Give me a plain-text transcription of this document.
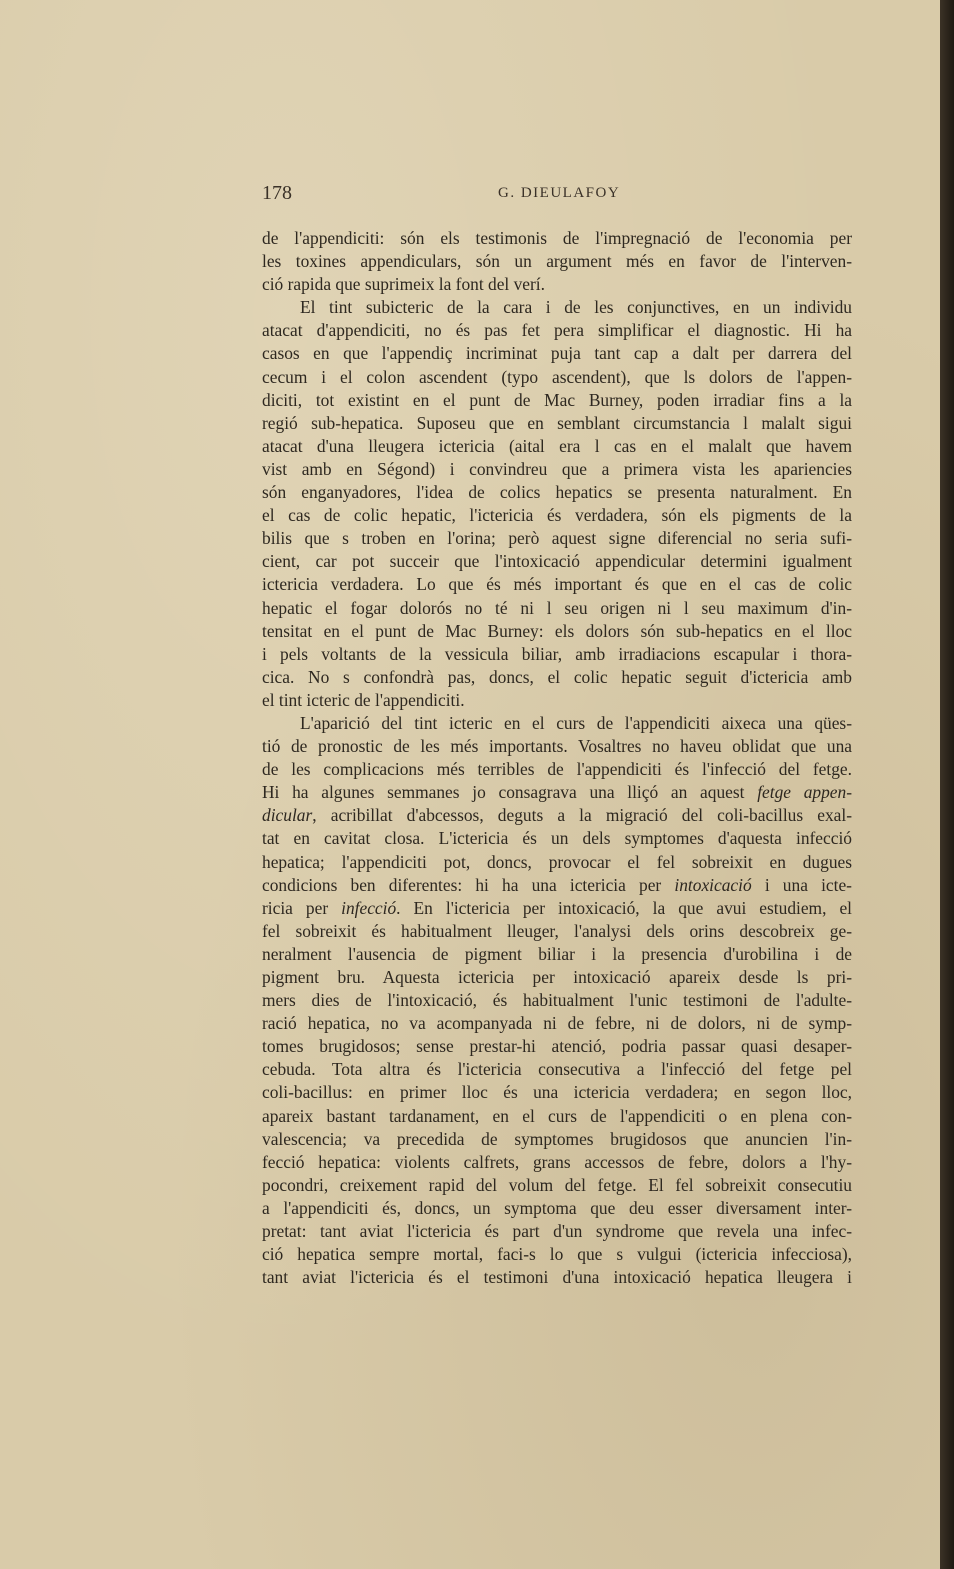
178	G. DIEULAFOY
de l'appendiciti: són els testimonis de l'impregnació de l'economia per
les toxines appendiculars, són un argument més en favor de l'interven-
ció rapida que suprimeix la font del verí.
El tint subicteric de la cara i de les conjunctives, en un individu
atacat d'appendiciti, no és pas fet pera simplificar el diagnostic. Hi ha
casos en que l'appendiç incriminat puja tant cap a dalt per darrera del
cecum i el colon ascendent (typo ascendent), que ls dolors de l'appen-
diciti, tot existint en el punt de Mac Burney, poden irradiar fins a la
regió sub-hepatica. Suposeu que en semblant circumstancia l malalt sigui
atacat d'una lleugera ictericia (aital era l cas en el malalt que havem
vist amb en Ségond) i convindreu que a primera vista les apariencies
són enganyadores, l'idea de colics hepatics se presenta naturalment. En
el cas de colic hepatic, l'ictericia és verdadera, són els pigments de la
bilis que s troben en l'orina; però aquest signe diferencial no seria sufi-
cient, car pot succeir que l'intoxicació appendicular determini igualment
ictericia verdadera. Lo que és més important és que en el cas de colic
hepatic el fogar dolorós no té ni l seu origen ni l seu maximum d'in-
tensitat en el punt de Mac Burney: els dolors són sub-hepatics en el lloc
i pels voltants de la vessicula biliar, amb irradiacions escapular i thora-
cica. No s confondrà pas, doncs, el colic hepatic seguit d'ictericia amb
el tint icteric de l'appendiciti.
L'aparició del tint icteric en el curs de l'appendiciti aixeca una qües-
tió de pronostic de les més importants. Vosaltres no haveu oblidat que una
de les complicacions més terribles de l'appendiciti és l'infecció del fetge.
Hi ha algunes semmanes jo consagrava una lliçó an aquest fetge appen-
dicular, acribillat d'abcessos, deguts a la migració del coli-bacillus exal-
tat en cavitat closa. L'ictericia és un dels symptomes d'aquesta infecció
hepatica; l'appendiciti pot, doncs, provocar el fel sobreixit en dugues
condicions ben diferentes: hi ha una ictericia per intoxicació i una icte-
ricia per infecció. En l'ictericia per intoxicació, la que avui estudiem, el
fel sobreixit és habitualment lleuger, l'analysi dels orins descobreix ge-
neralment l'ausencia de pigment biliar i la presencia d'urobilina i de
pigment bru. Aquesta ictericia per intoxicació apareix desde ls pri-
mers dies de l'intoxicació, és habitualment l'unic testimoni de l'adulte-
ració hepatica, no va acompanyada ni de febre, ni de dolors, ni de symp-
tomes brugidosos; sense prestar-hi atenció, podria passar quasi desaper-
cebuda. Tota altra és l'ictericia consecutiva a l'infecció del fetge pel
coli-bacillus: en primer lloc és una ictericia verdadera; en segon lloc,
apareix bastant tardanament, en el curs de l'appendiciti o en plena con-
valescencia; va precedida de symptomes brugidosos que anuncien l'in-
fecció hepatica: violents calfrets, grans accessos de febre, dolors a l'hy-
pocondri, creixement rapid del volum del fetge. El fel sobreixit consecutiu
a l'appendiciti és, doncs, un symptoma que deu esser diversament inter-
pretat: tant aviat l'ictericia és part d'un syndrome que revela una infec-
ció hepatica sempre mortal, faci-s lo que s vulgui (ictericia infecciosa),
tant aviat l'ictericia és el testimoni d'una intoxicació hepatica lleugera i
